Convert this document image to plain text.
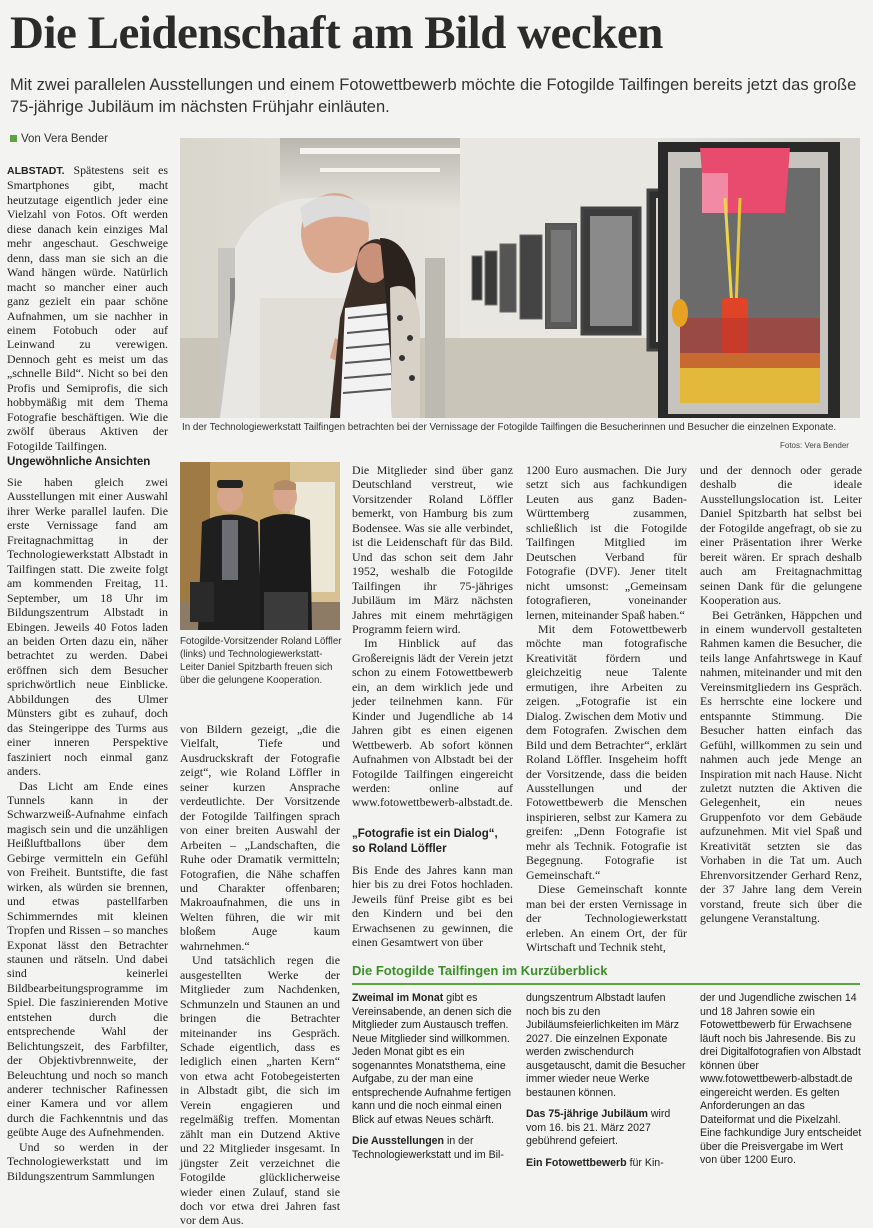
Die Leidenschaft am Bild wecken
Mit zwei parallelen Ausstellungen und einem Fotowettbewerb möchte die Fotogilde Tailfingen bereits jetzt das große 75-jährige Jubiläum im nächsten Frühjahr einläuten.
Von Vera Bender
In der Technologiewerkstatt Tailfingen betrachten bei der Vernissage der Fotogilde Tailfingen die Besucherinnen und Besucher die einzelnen Exponate.
Fotos: Vera Bender
Fotogilde-Vorsitzender Roland Löffler (links) und Technologiewerkstatt-Leiter Daniel Spitzbarth freuen sich über die gelungene Kooperation.

ALBSTADT. Spätestens seit es Smartphones gibt, macht heutzutage eigentlich jeder eine Vielzahl von Fotos. Oft werden diese danach kein einziges Mal mehr angeschaut. Geschweige denn, dass man sie sich an die Wand hängen würde. Natürlich macht so mancher einer auch ganz gezielt ein paar schöne Aufnahmen, um sie nachher in einem Fotobuch oder auf Leinwand zu verewigen. Dennoch geht es meist um das „schnelle Bild“. Nicht so bei den Profis und Semiprofis, die sich hobbymäßig mit dem Thema Fotografie beschäftigen. Wie die zwölf überaus Aktiven der Fotogilde Tailfingen.

Ungewöhnliche Ansichten

Sie haben gleich zwei Ausstellungen mit einer Auswahl ihrer Werke parallel laufen. Die erste Vernissage fand am Freitagnachmittag in der Technologiewerkstatt Albstadt in Tailfingen statt. Die zweite folgt am kommenden Freitag, 11. September, um 18 Uhr im Bildungszentrum Albstadt in Ebingen. Jeweils 40 Fotos laden an beiden Orten dazu ein, näher betrachtet zu werden. Dabei eröffnen sich dem Besucher sprichwörtlich neue Einblicke. Abbildungen des Ulmer Münsters gibt es zuhauf, doch das Steingerippe des Turms aus einer inneren Perspektive fasziniert noch einmal ganz anders.

Das Licht am Ende eines Tunnels kann in der Schwarzweiß-Aufnahme einfach magisch sein und die unzähligen Heißluftballons über dem Gebirge vermitteln ein Gefühl von Freiheit. Buntstifte, die fast wirken, als würden sie brennen, und etwas pastellfarben Schimmerndes mit kleinen Tropfen und Rissen – so manches Exponat lässt den Betrachter staunen und rätseln. Und dabei sind keinerlei Bildbearbeitungsprogramme im Spiel. Die faszinierenden Motive entstehen durch die entsprechende Wahl der Belichtungszeit, des Farbfilter, der Objektivbrennweite, der Beleuchtung und noch so manch anderer technischer Rafinessen einer Kamera und vor allem durch die Fachkenntnis und das geübte Auge des Aufnehmenden.

Und so werden in der Technologiewerkstatt und im Bildungszentrum Sammlungen

von Bildern gezeigt, „die die Vielfalt, Tiefe und Ausdruckskraft der Fotografie zeigt“, wie Roland Löffler in seiner kurzen Ansprache verdeutlichte. Der Vorsitzende der Fotogilde Tailfingen sprach von einer breiten Auswahl der Arbeiten – „Landschaften, die Ruhe oder Dramatik vermitteln; Fotografien, die Nähe schaffen und Charakter offenbaren; Makroaufnahmen, die uns in Welten führen, die wir mit bloßem Auge kaum wahrnehmen.“

Und tatsächlich regen die ausgestellten Werke der Mitglieder zum Nachdenken, Schmunzeln und Staunen an und bringen die Betrachter miteinander ins Gespräch. Schade eigentlich, dass es lediglich einen „harten Kern“ von etwa acht Fotobegeisterten in Albstadt gibt, die sich im Verein engagieren und regelmäßig treffen. Momentan zählt man ein Dutzend Aktive und 22 Mitglieder insgesamt. In jüngster Zeit verzeichnet die Fotogilde glücklicherweise wieder einen Zulauf, stand sie doch vor etwa drei Jahren fast vor dem Aus.

Die Mitglieder sind über ganz Deutschland verstreut, wie Vorsitzender Roland Löffler bemerkt, von Hamburg bis zum Bodensee. Was sie alle verbindet, ist die Leidenschaft für das Bild. Und das schon seit dem Jahr 1952, weshalb die Fotogilde Tailfingen ihr 75-jähriges Jubiläum im März nächsten Jahres mit einem mehrtägigen Programm feiern wird.

Im Hinblick auf das Großereignis lädt der Verein jetzt schon zu einem Fotowettbewerb ein, an dem wirklich jede und jeder teilnehmen kann. Für Kinder und Jugendliche ab 14 Jahren gibt es einen eigenen Wettbewerb. Ab sofort können Aufnahmen von Albstadt bei der Fotogilde Tailfingen eingereicht werden: online auf www.fotowettbewerb-albstadt.de.

„Fotografie ist ein Dialog“, so Roland Löffler

Bis Ende des Jahres kann man hier bis zu drei Fotos hochladen. Jeweils fünf Preise gibt es bei den Kindern und bei den Erwachsenen zu gewinnen, die einen Gesamtwert von über

1200 Euro ausmachen. Die Jury setzt sich aus fachkundigen Leuten aus ganz Baden-Württemberg zusammen, schließlich ist die Fotogilde Tailfingen Mitglied im Deutschen Verband für Fotografie (DVF). Jener titelt nicht umsonst: „Gemeinsam fotografieren, voneinander lernen, miteinander Spaß haben.“

Mit dem Fotowettbewerb möchte man fotografische Kreativität fördern und gleichzeitig neue Talente ermutigen, ihre Arbeiten zu zeigen. „Fotografie ist ein Dialog. Zwischen dem Motiv und dem Fotografen. Zwischen dem Bild und dem Betrachter“, erklärt Roland Löffler. Insgeheim hofft der Vorsitzende, dass die beiden Ausstellungen und der Fotowettbewerb die Menschen inspirieren, selbst zur Kamera zu greifen: „Denn Fotografie ist mehr als Technik. Fotografie ist Begegnung. Fotografie ist Gemeinschaft.“

Diese Gemeinschaft konnte man bei der ersten Vernissage in der Technologiewerkstatt erleben. An einem Ort, der für Wirtschaft und Technik steht,

und der dennoch oder gerade deshalb die ideale Ausstellungslocation ist. Leiter Daniel Spitzbarth hat selbst bei der Fotogilde angefragt, ob sie zu einer Präsentation ihrer Werke bereit wären. Er sprach deshalb auch am Freitagnachmittag seinen Dank für die gelungene Kooperation aus.

Bei Getränken, Häppchen und in einem wundervoll gestalteten Rahmen kamen die Besucher, die teils lange Anfahrtswege in Kauf nahmen, miteinander und mit den Vereinsmitgliedern ins Gespräch. Es herrschte eine lockere und entspannte Stimmung. Die Besucher hatten einfach das Gefühl, willkommen zu sein und nahmen auch jede Menge an Inspiration mit nach Hause. Nicht zuletzt nutzten die Aktiven die Gelegenheit, ein neues Gruppenfoto vor dem Gebäude aufzunehmen. Mit viel Spaß und Kreativität setzten sie das Vorhaben in die Tat um. Auch Ehrenvorsitzender Gerhard Renz, der 37 Jahre lang dem Verein vorstand, freute sich über die gelungene Veranstaltung.

Die Fotogilde Tailfingen im Kurzüberblick

Zweimal im Monat gibt es Vereinsabende, an denen sich die Mitglieder zum Austausch treffen. Neue Mitglieder sind willkommen. Jeden Monat gibt es ein sogenanntes Monatsthema, eine Aufgabe, zu der man eine entsprechende Aufnahme fertigen kann und die noch einmal einen Blick auf etwas Neues schärft.

Die Ausstellungen in der Technologiewerkstatt und im Bil-

dungszentrum Albstadt laufen noch bis zu den Jubiläumsfeierlichkeiten im März 2027. Die einzelnen Exponate werden zwischendurch ausgetauscht, damit die Besucher immer wieder neue Werke bestaunen können.

Das 75-jährige Jubiläum wird vom 16. bis 21. März 2027 gebührend gefeiert.

Ein Fotowettbewerb für Kin-

der und Jugendliche zwischen 14 und 18 Jahren sowie ein Fotowettbewerb für Erwachsene läuft noch bis Jahresende. Bis zu drei Digitalfotografien von Albstadt können über www.fotowettbewerb-albstadt.de eingereicht werden. Es gelten Anforderungen an das Dateiformat und die Pixelzahl. Eine fachkundige Jury entscheidet über die Preisvergabe im Wert von über 1200 Euro.
